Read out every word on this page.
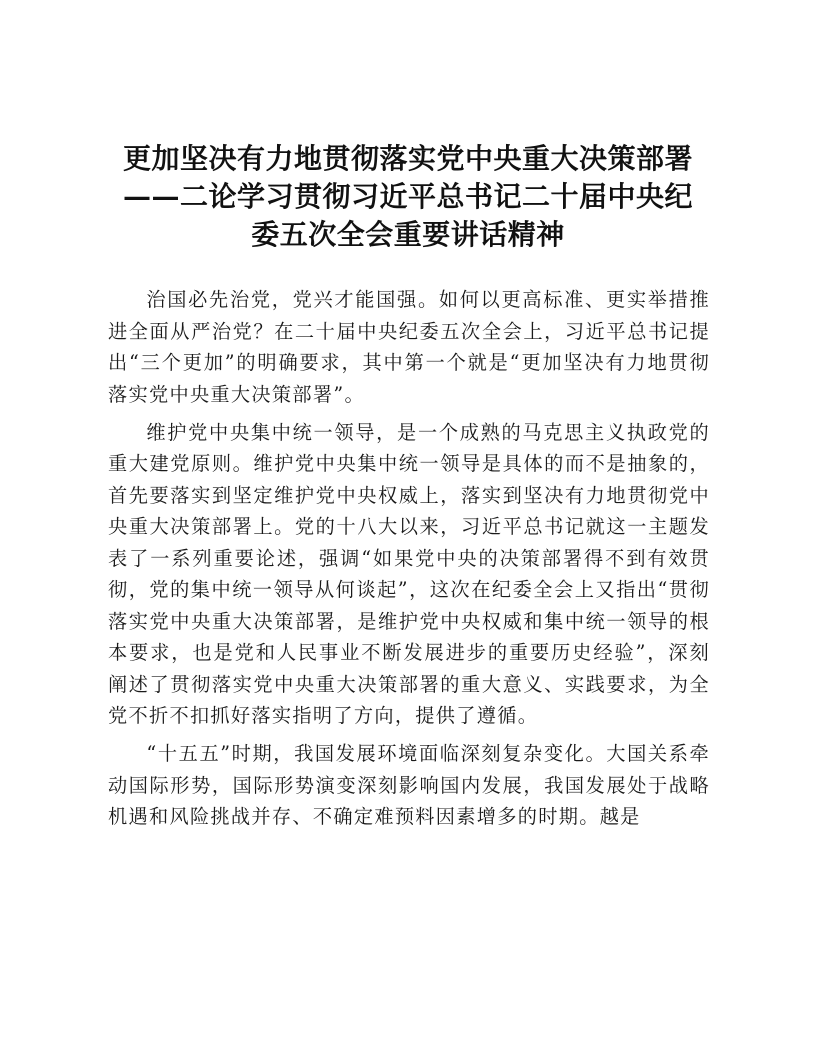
更加坚决有力地贯彻落实党中央重大决策部署——二论学习贯彻习近平总书记二十届中央纪委五次全会重要讲话精神

治国必先治党，党兴才能国强。如何以更高标准、更实举措推进全面从严治党？在二十届中央纪委五次全会上，习近平总书记提出“三个更加”的明确要求，其中第一个就是“更加坚决有力地贯彻落实党中央重大决策部署”。

维护党中央集中统一领导，是一个成熟的马克思主义执政党的重大建党原则。维护党中央集中统一领导是具体的而不是抽象的，首先要落实到坚定维护党中央权威上，落实到坚决有力地贯彻党中央重大决策部署上。党的十八大以来，习近平总书记就这一主题发表了一系列重要论述，强调“如果党中央的决策部署得不到有效贯彻，党的集中统一领导从何谈起”，这次在纪委全会上又指出“贯彻落实党中央重大决策部署，是维护党中央权威和集中统一领导的根本要求，也是党和人民事业不断发展进步的重要历史经验”，深刻阐述了贯彻落实党中央重大决策部署的重大意义、实践要求，为全党不折不扣抓好落实指明了方向，提供了遵循。

“十五五”时期，我国发展环境面临深刻复杂变化。大国关系牵动国际形势，国际形势演变深刻影响国内发展，我国发展处于战略机遇和风险挑战并存、不确定难预料因素增多的时期。越是
